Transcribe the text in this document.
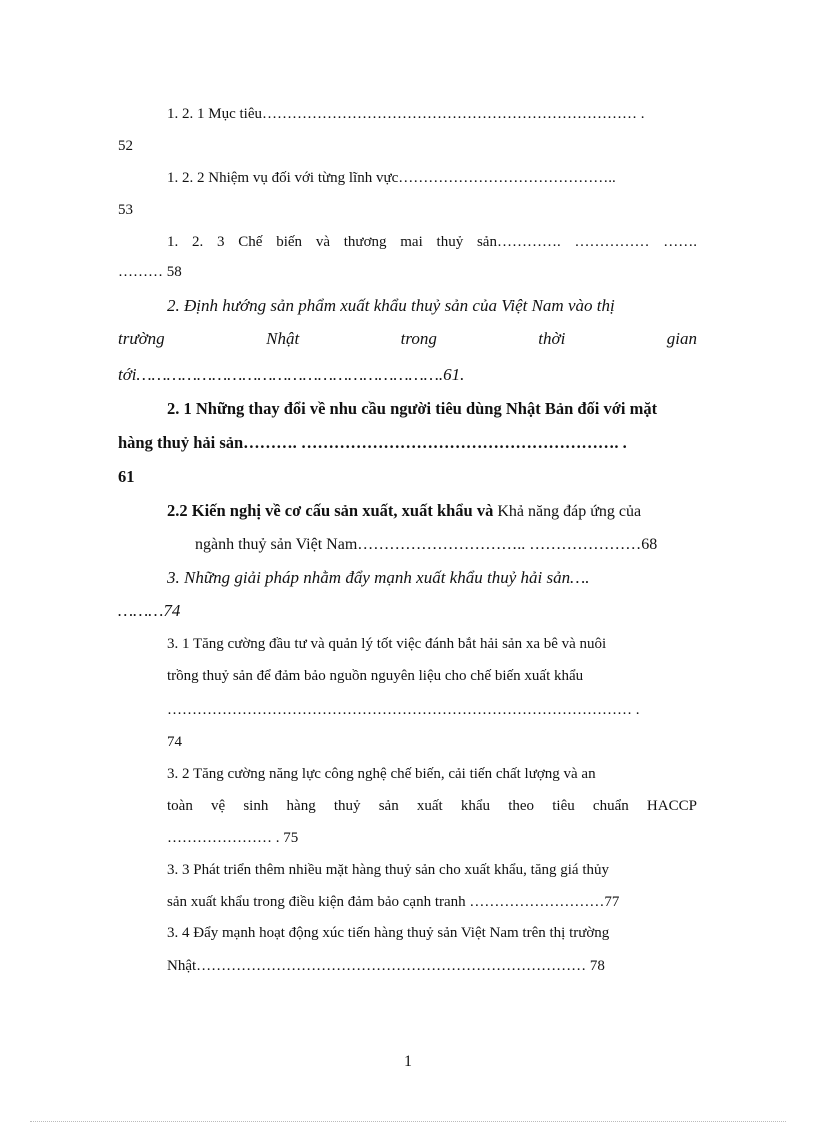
1. 2. 1 Mục tiêu………………………………………………………………… .
52
1. 2. 2 Nhiệm vụ đối với từng lĩnh vực……………………………………..
53
1. 2. 3 Chế biến và thương mai thuỷ sản…………. …………… …….
……… 58
2. Định hướng sản phẩm xuất khẩu thuỷ sản của Việt Nam vào thị
trường	Nhật	trong	thời	gian
tới…………………………………………………….61.
2. 1 Những thay đổi về nhu cầu người tiêu dùng Nhật Bản đối với mặt
hàng thuỷ hải sản………. …………………………………………………. .
61
2.2 Kiến nghị về cơ cấu sản xuất, xuất khẩu và Khả năng đáp ứng của
ngành thuỷ sản Việt Nam………………………….. …………………68
3. Những giải pháp nhằm đẩy mạnh xuất khẩu thuỷ hải sản….
………74
3. 1 Tăng cường đầu tư và quản lý tốt việc đánh bắt hải sản xa bê và nuôi
trồng thuỷ sản để đảm bảo nguồn nguyên liệu cho chế biến xuất khẩu
………………………………………………………………………………… .
74
3. 2 Tăng cường năng lực công nghệ chế biến, cải tiến chất lượng và an
toàn vệ sinh hàng thuỷ sản xuất khẩu theo tiêu chuẩn HACCP
………………… . 75
3. 3 Phát triển thêm nhiều mặt hàng thuỷ sản cho xuất khẩu, tăng giá thủy
sản xuất khẩu trong điều kiện đảm bảo cạnh tranh ………………………77
3. 4 Đẩy mạnh hoạt động xúc tiến hàng thuỷ sản Việt Nam trên thị trường
Nhật…………………………………………………………………… 78
1
